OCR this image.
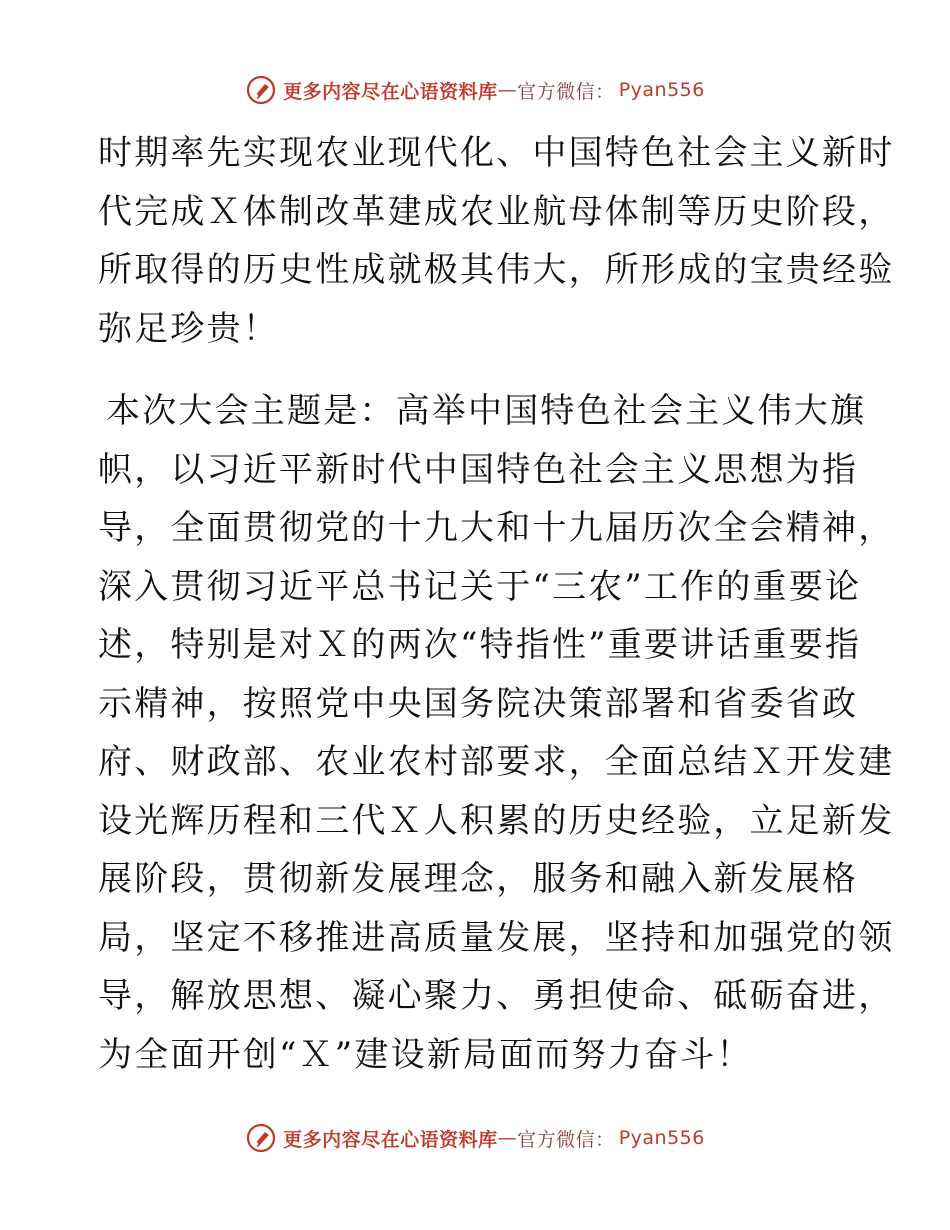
更多内容尽在心语资料库 — 官方微信： Pyan556

时期率先实现农业现代化、中国特色社会主义新时
代完成Ｘ体制改革建成农业航母体制等历史阶段，
所取得的历史性成就极其伟大，所形成的宝贵经验
弥足珍贵！

本次大会主题是：高举中国特色社会主义伟大旗
帜，以习近平新时代中国特色社会主义思想为指
导，全面贯彻党的十九大和十九届历次全会精神，
深入贯彻习近平总书记关于“三农”工作的重要论
述，特别是对Ｘ的两次“特指性”重要讲话重要指
示精神，按照党中央国务院决策部署和省委省政
府、财政部、农业农村部要求，全面总结Ｘ开发建
设光辉历程和三代Ｘ人积累的历史经验，立足新发
展阶段，贯彻新发展理念，服务和融入新发展格
局，坚定不移推进高质量发展，坚持和加强党的领
导，解放思想、凝心聚力、勇担使命、砥砺奋进，
为全面开创“Ｘ”建设新局面而努力奋斗！

更多内容尽在心语资料库 — 官方微信： Pyan556
